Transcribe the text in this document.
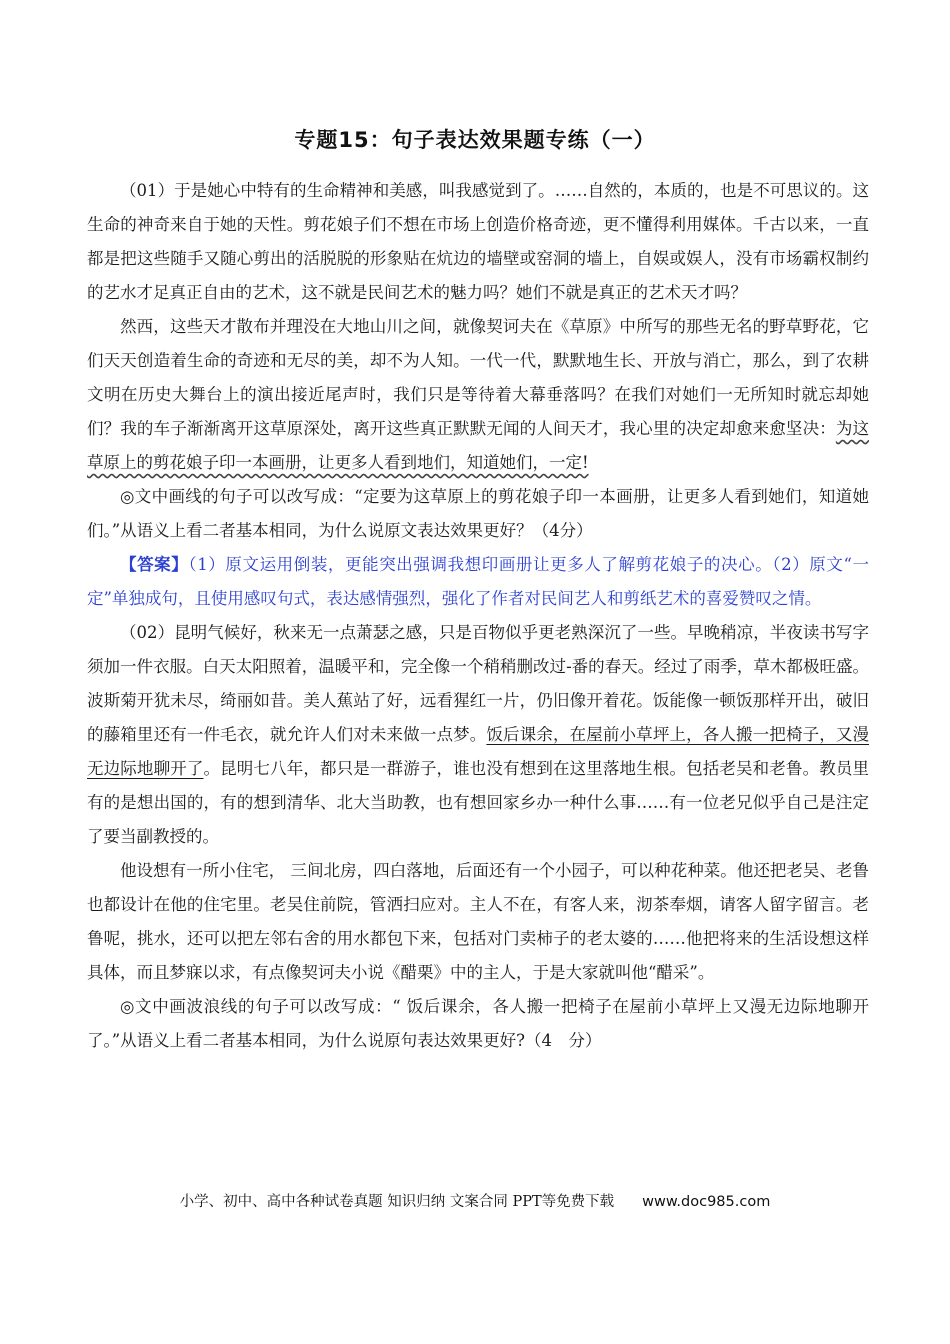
专题15：句子表达效果题专练（一）

（01）于是她心中特有的生命精神和美感，叫我感觉到了。……自然的，本质的，也是不可思议的。这生命的神奇来自于她的天性。剪花娘子们不想在市场上创造价格奇迹，更不懂得利用媒体。千古以来，一直都是把这些随手又随心剪出的活脱脱的形象贴在炕边的墙壁或窑洞的墙上，自娱或娱人，没有市场霸权制约的艺水才足真正自由的艺术，这不就是民间艺术的魅力吗？她们不就是真正的艺术天才吗？

然西，这些天才散布并理没在大地山川之间，就像契诃夫在《草原》中所写的那些无名的野草野花，它们天天创造着生命的奇迹和无尽的美，却不为人知。一代一代，默默地生长、开放与消亡，那么，到了农耕文明在历史大舞台上的演出接近尾声时，我们只是等待着大幕垂落吗？在我们对她们一无所知时就忘却她们？我的车子渐渐离开这草原深处，离开这些真正默默无闻的人间天才，我心里的决定却愈来愈坚决：为这草原上的剪花娘子印一本画册，让更多人看到地们，知道她们，一定!

◎文中画线的句子可以改写成：“定要为这草原上的剪花娘子印一本画册，让更多人看到她们，知道她们。”从语义上看二者基本相同，为什么说原文表达效果更好？（4分）

【答案】（1）原文运用倒装，更能突出强调我想印画册让更多人了解剪花娘子的决心。（2）原文“一定”单独成句，且使用感叹句式，表达感情强烈，强化了作者对民间艺人和剪纸艺术的喜爱赞叹之情。

（02）昆明气候好，秋来无一点萧瑟之感，只是百物似乎更老熟深沉了一些。早晚稍凉，半夜读书写字须加一件衣服。白天太阳照着，温暖平和，完全像一个稍稍删改过-番的春天。经过了雨季，草木都极旺盛。波斯菊开犹未尽，绮丽如昔。美人蕉站了好，远看猩红一片，仍旧像开着花。饭能像一顿饭那样开出，破旧的藤箱里还有一件毛衣，就允许人们对未来做一点梦。饭后课余，在屋前小草坪上，各人搬一把椅子，又漫无边际地聊开了。昆明七八年，都只是一群游子，谁也没有想到在这里落地生根。包括老吴和老鲁。教员里有的是想出国的，有的想到清华、北大当助教，也有想回家乡办一种什么事……有一位老兄似乎自己是注定了要当副教授的。

他设想有一所小住宅， 三间北房，四白落地，后面还有一个小园子，可以种花种菜。他还把老吴、老鲁也都设计在他的住宅里。老吴住前院，管洒扫应对。主人不在，有客人来，沏茶奉烟，请客人留字留言。老鲁呢，挑水，还可以把左邻右舍的用水都包下来，包括对门卖柿子的老太婆的……他把将来的生活设想这样具体，而且梦寐以求，有点像契诃夫小说《醋栗》中的主人，于是大家就叫他“醋采”。

◎文中画波浪线的句子可以改写成：“ 饭后课余，各人搬一把椅子在屋前小草坪上又漫无边际地聊开了。”从语义上看二者基本相同，为什么说原句表达效果更好?（4　分）

小学、初中、高中各种试卷真题 知识归纳 文案合同 PPT等免费下载 www.doc985.com
